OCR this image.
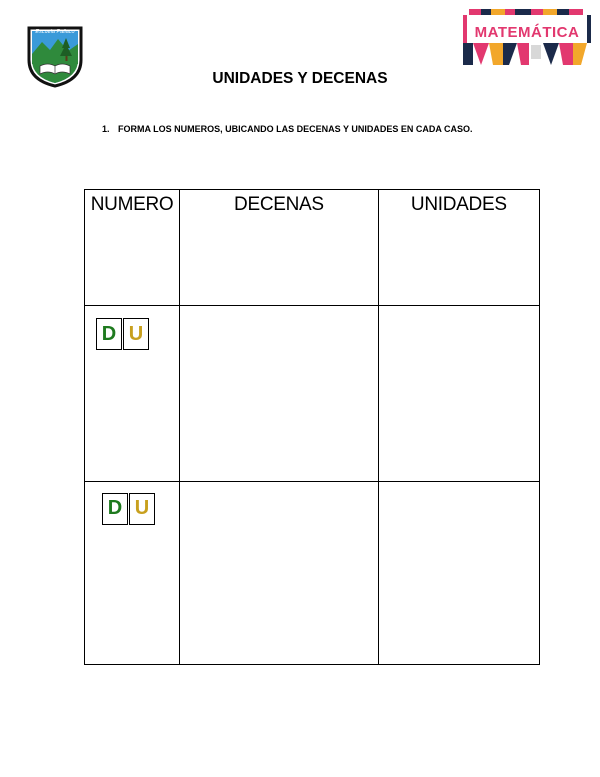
Escuela Pailaco	MATEMÁTICA
UNIDADES Y DECENAS
1. FORMA LOS NUMEROS, UBICANDO LAS DECENAS Y UNIDADES EN CADA CASO.
NUMERO	DECENAS	UNIDADES

D U		

D U		
